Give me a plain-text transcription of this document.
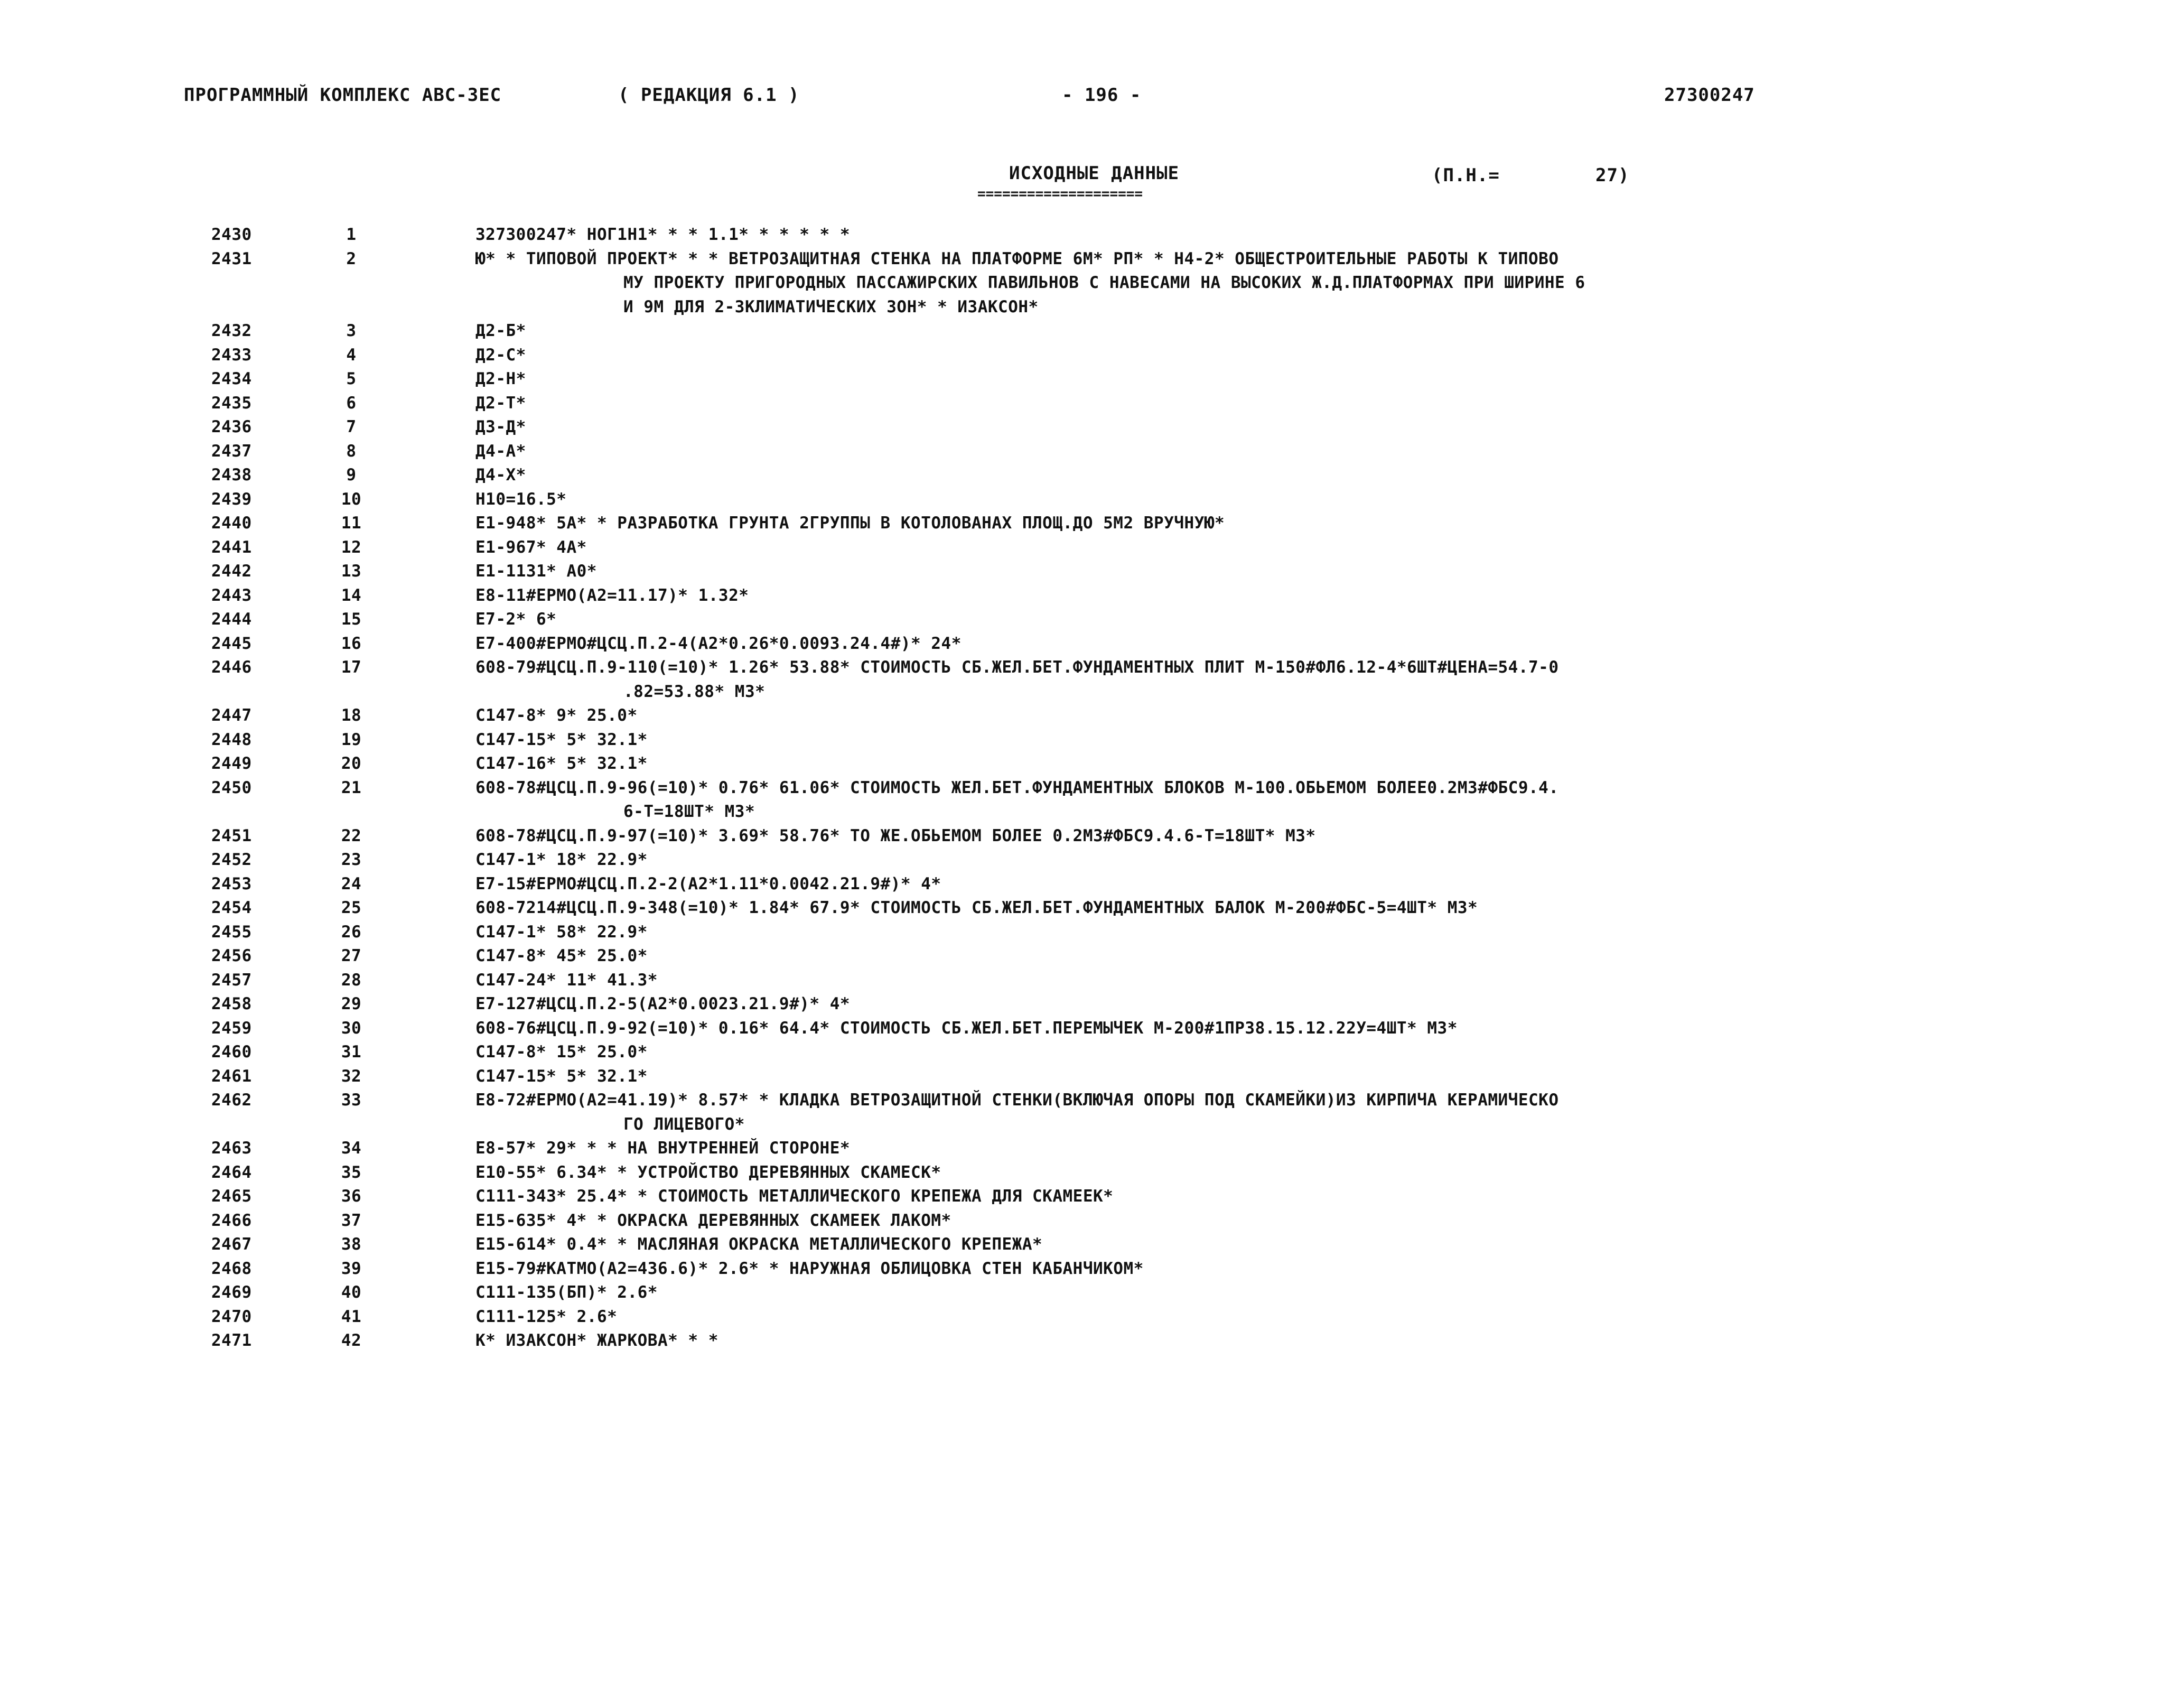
ПРОГРАММНЫЙ КОМПЛЕКС АВС-3ЕС	( РЕДАКЦИЯ 6.1 )	- 196 -	27300247
ИСХОДНЫЕ ДАННЫЕ
====================
(П.Н.=	27)
2430	1	З27300247* НОГ1Н1* * * 1.1* * * * * *
2431	2	Ю* * ТИПОВОЙ ПРОЕКТ* * * ВЕТРОЗАЩИТНАЯ СТЕНКА НА ПЛАТФОРМЕ 6М* РП* * Н4-2* ОБЩЕСТРОИТЕЛЬНЫЕ РАБОТЫ К ТИПОВО
МУ ПРОЕКТУ ПРИГОРОДНЫХ ПАССАЖИРСКИХ ПАВИЛЬНОВ С НАВЕСАМИ НА ВЫСОКИХ Ж.Д.ПЛАТФОРМАХ ПРИ ШИРИНЕ 6
И 9М ДЛЯ 2-3КЛИМАТИЧЕСКИХ ЗОН* * ИЗАКСОН*
2432	3	Д2-Б*
2433	4	Д2-С*
2434	5	Д2-Н*
2435	6	Д2-Т*
2436	7	Д3-Д*
2437	8	Д4-А*
2438	9	Д4-Х*
2439	10	Н10=16.5*
2440	11	Е1-948* 5А* * РАЗРАБОТКА ГРУНТА 2ГРУППЫ В КОТОЛОВАНАХ ПЛОЩ.ДО 5М2 ВРУЧНУЮ*
2441	12	Е1-967* 4А*
2442	13	Е1-1131* А0*
2443	14	Е8-11#ЕРМО(А2=11.17)* 1.32*
2444	15	Е7-2* 6*
2445	16	Е7-400#ЕРМО#ЦСЦ.П.2-4(А2*0.26*0.0093.24.4#)* 24*
2446	17	608-79#ЦСЦ.П.9-110(=10)* 1.26* 53.88* СТОИМОСТЬ СБ.ЖЕЛ.БЕТ.ФУНДАМЕНТНЫХ ПЛИТ М-150#ФЛ6.12-4*6ШТ#ЦЕНА=54.7-0
.82=53.88* М3*
2447	18	С147-8* 9* 25.0*
2448	19	С147-15* 5* 32.1*
2449	20	С147-16* 5* 32.1*
2450	21	608-78#ЦСЦ.П.9-96(=10)* 0.76* 61.06* СТОИМОСТЬ ЖЕЛ.БЕТ.ФУНДАМЕНТНЫХ БЛОКОВ М-100.ОБЬЕМОМ БОЛЕЕ0.2М3#ФБС9.4.
6-Т=18ШТ* М3*
2451	22	608-78#ЦСЦ.П.9-97(=10)* 3.69* 58.76* ТО ЖЕ.ОБЬЕМОМ БОЛЕЕ 0.2М3#ФБС9.4.6-Т=18ШТ* М3*
2452	23	С147-1* 18* 22.9*
2453	24	Е7-15#ЕРМО#ЦСЦ.П.2-2(А2*1.11*0.0042.21.9#)* 4*
2454	25	608-7214#ЦСЦ.П.9-348(=10)* 1.84* 67.9* СТОИМОСТЬ СБ.ЖЕЛ.БЕТ.ФУНДАМЕНТНЫХ БАЛОК М-200#ФБС-5=4ШТ* М3*
2455	26	С147-1* 58* 22.9*
2456	27	С147-8* 45* 25.0*
2457	28	С147-24* 11* 41.3*
2458	29	Е7-127#ЦСЦ.П.2-5(А2*0.0023.21.9#)* 4*
2459	30	608-76#ЦСЦ.П.9-92(=10)* 0.16* 64.4* СТОИМОСТЬ СБ.ЖЕЛ.БЕТ.ПЕРЕМЫЧЕК М-200#1ПР38.15.12.22У=4ШТ* М3*
2460	31	С147-8* 15* 25.0*
2461	32	С147-15* 5* 32.1*
2462	33	Е8-72#ЕРМО(А2=41.19)* 8.57* * КЛАДКА ВЕТРОЗАЩИТНОЙ СТЕНКИ(ВКЛЮЧАЯ ОПОРЫ ПОД СКАМЕЙКИ)ИЗ КИРПИЧА КЕРАМИЧЕСКО
ГО ЛИЦЕВОГО*
2463	34	Е8-57* 29* * * НА ВНУТРЕННЕЙ СТОРОНЕ*
2464	35	Е10-55* 6.34* * УСТРОЙСТВО ДЕРЕВЯННЫХ СКАМЕСК*
2465	36	С111-343* 25.4* * СТОИМОСТЬ МЕТАЛЛИЧЕСКОГО КРЕПЕЖА ДЛЯ СКАМЕЕК*
2466	37	Е15-635* 4* * ОКРАСКА ДЕРЕВЯННЫХ СКАМЕЕК ЛАКОМ*
2467	38	Е15-614* 0.4* * МАСЛЯНАЯ ОКРАСКА МЕТАЛЛИЧЕСКОГО КРЕПЕЖА*
2468	39	Е15-79#КАТМО(А2=436.6)* 2.6* * НАРУЖНАЯ ОБЛИЦОВКА СТЕН КАБАНЧИКОМ*
2469	40	С111-135(БП)* 2.6*
2470	41	С111-125* 2.6*
2471	42	К* ИЗАКСОН* ЖАРКОВА* * *
